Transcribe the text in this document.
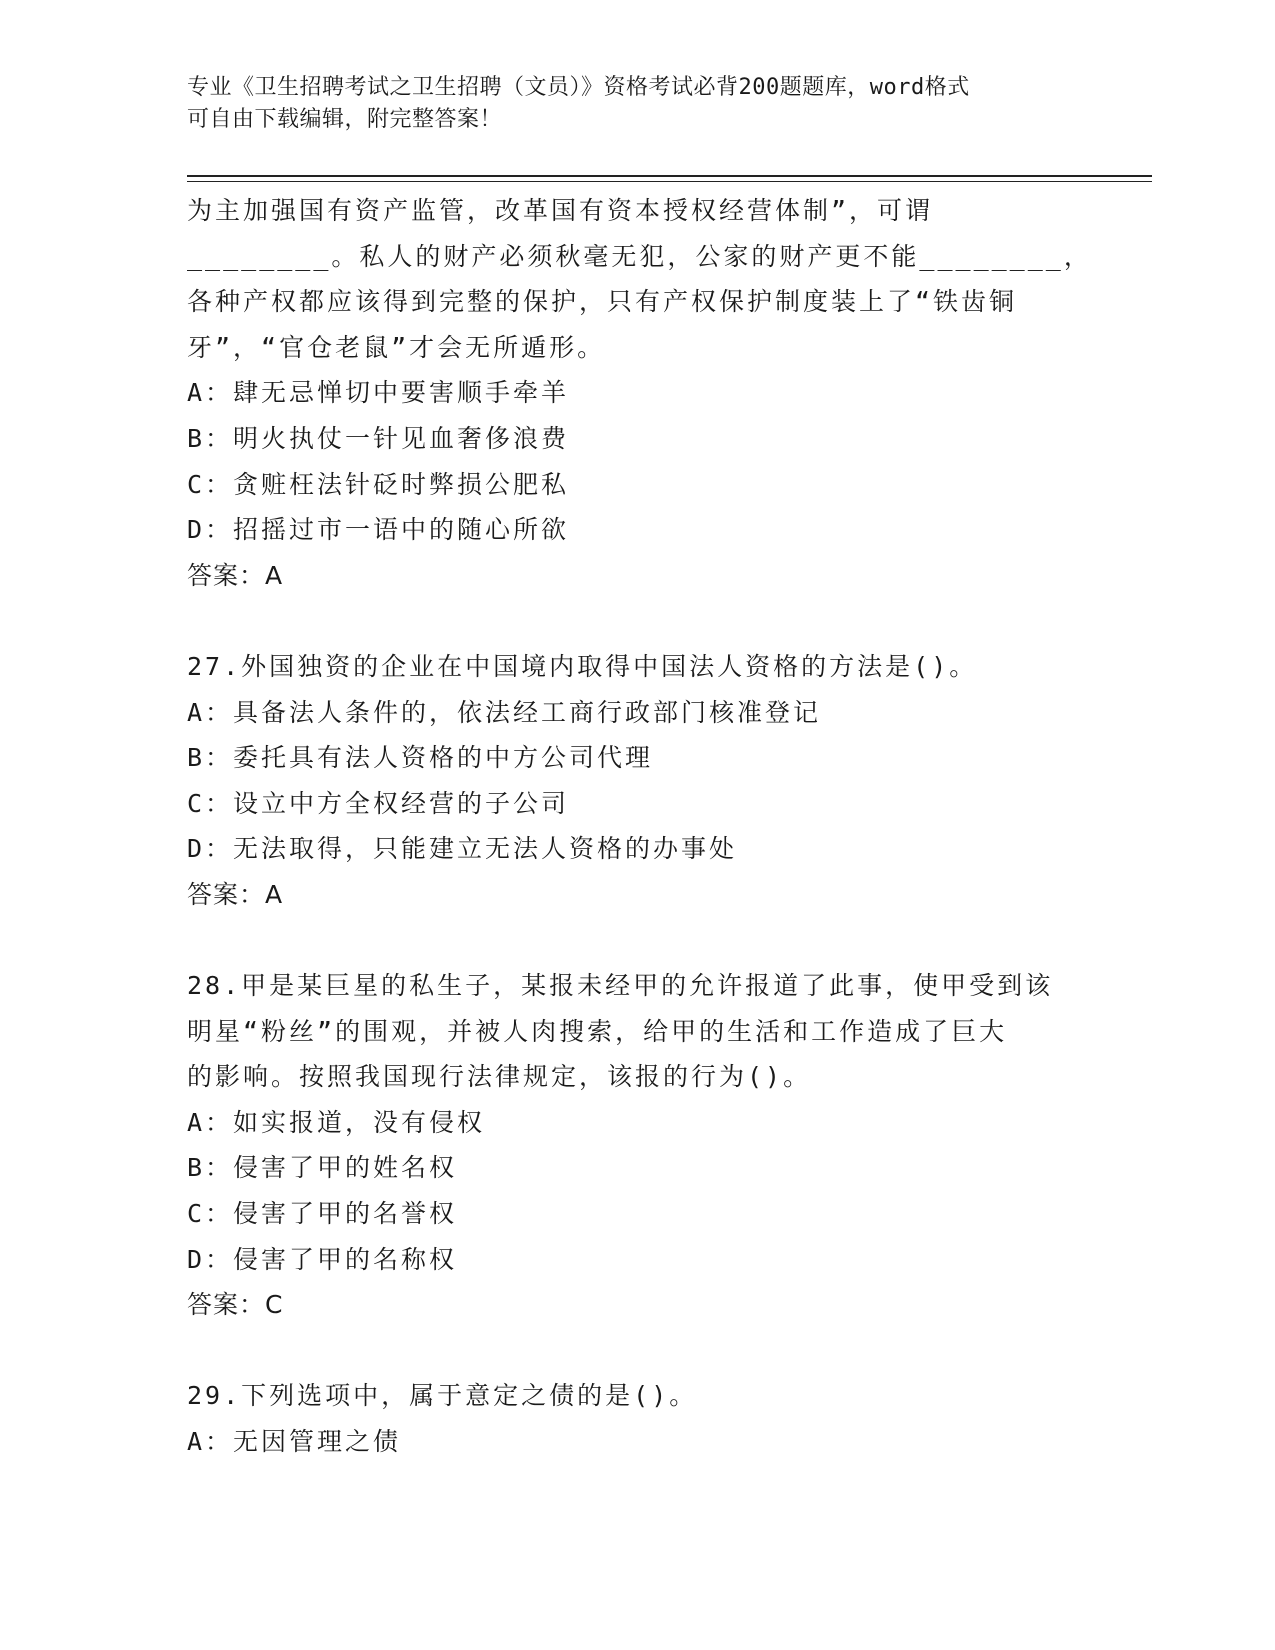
专业《卫生招聘考试之卫生招聘（文员）》资格考试必背200题题库，word格式
可自由下载编辑，附完整答案！
为主加强国有资产监管，改革国有资本授权经营体制”，可谓
________。私人的财产必须秋毫无犯，公家的财产更不能________，
各种产权都应该得到完整的保护，只有产权保护制度装上了“铁齿铜
牙”，“官仓老鼠”才会无所遁形。
A：肆无忌惮切中要害顺手牵羊
B：明火执仗一针见血奢侈浪费
C：贪赃枉法针砭时弊损公肥私
D：招摇过市一语中的随心所欲
答案：A
27.外国独资的企业在中国境内取得中国法人资格的方法是()。
A：具备法人条件的，依法经工商行政部门核准登记
B：委托具有法人资格的中方公司代理
C：设立中方全权经营的子公司
D：无法取得，只能建立无法人资格的办事处
答案：A
28.甲是某巨星的私生子，某报未经甲的允许报道了此事，使甲受到该
明星“粉丝”的围观，并被人肉搜索，给甲的生活和工作造成了巨大
的影响。按照我国现行法律规定，该报的行为()。
A：如实报道，没有侵权
B：侵害了甲的姓名权
C：侵害了甲的名誉权
D：侵害了甲的名称权
答案：C
29.下列选项中，属于意定之债的是()。
A：无因管理之债
